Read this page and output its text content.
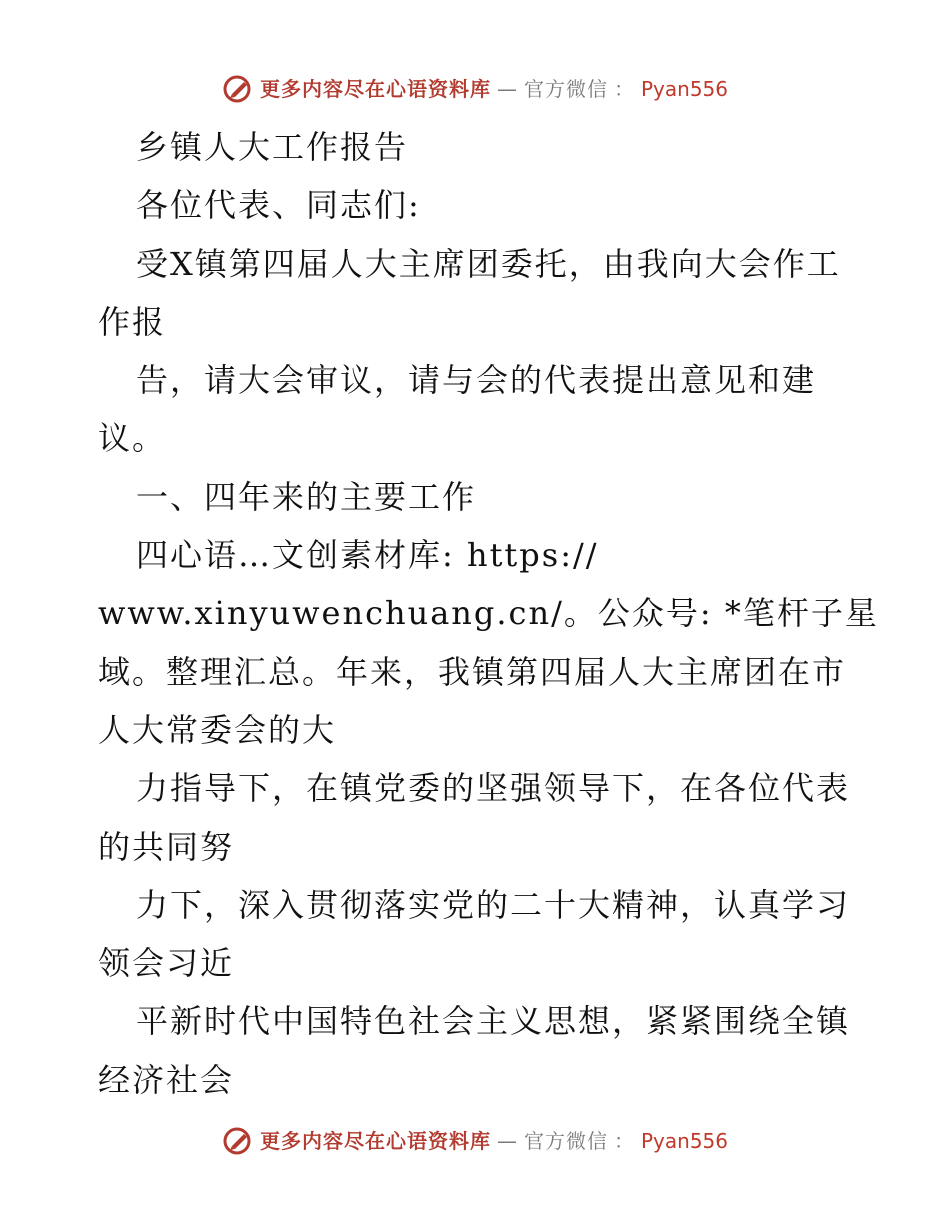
更多内容尽在心语资料库 — 官方微信 ： Pyan556
乡镇人大工作报告
各位代表、同志们:
受X镇第四届人大主席团委托，由我向大会作工
作报
告，请大会审议，请与会的代表提出意见和建
议。
一、四年来的主要工作
四心语…文创素材库: https://
www.xinyuwenchuang.cn/。公众号: *笔杆子星
域。整理汇总。年来，我镇第四届人大主席团在市
人大常委会的大
力指导下，在镇党委的坚强领导下，在各位代表
的共同努
力下，深入贯彻落实党的二十大精神，认真学习
领会习近
平新时代中国特色社会主义思想，紧紧围绕全镇
经济社会
更多内容尽在心语资料库 — 官方微信 ： Pyan556
